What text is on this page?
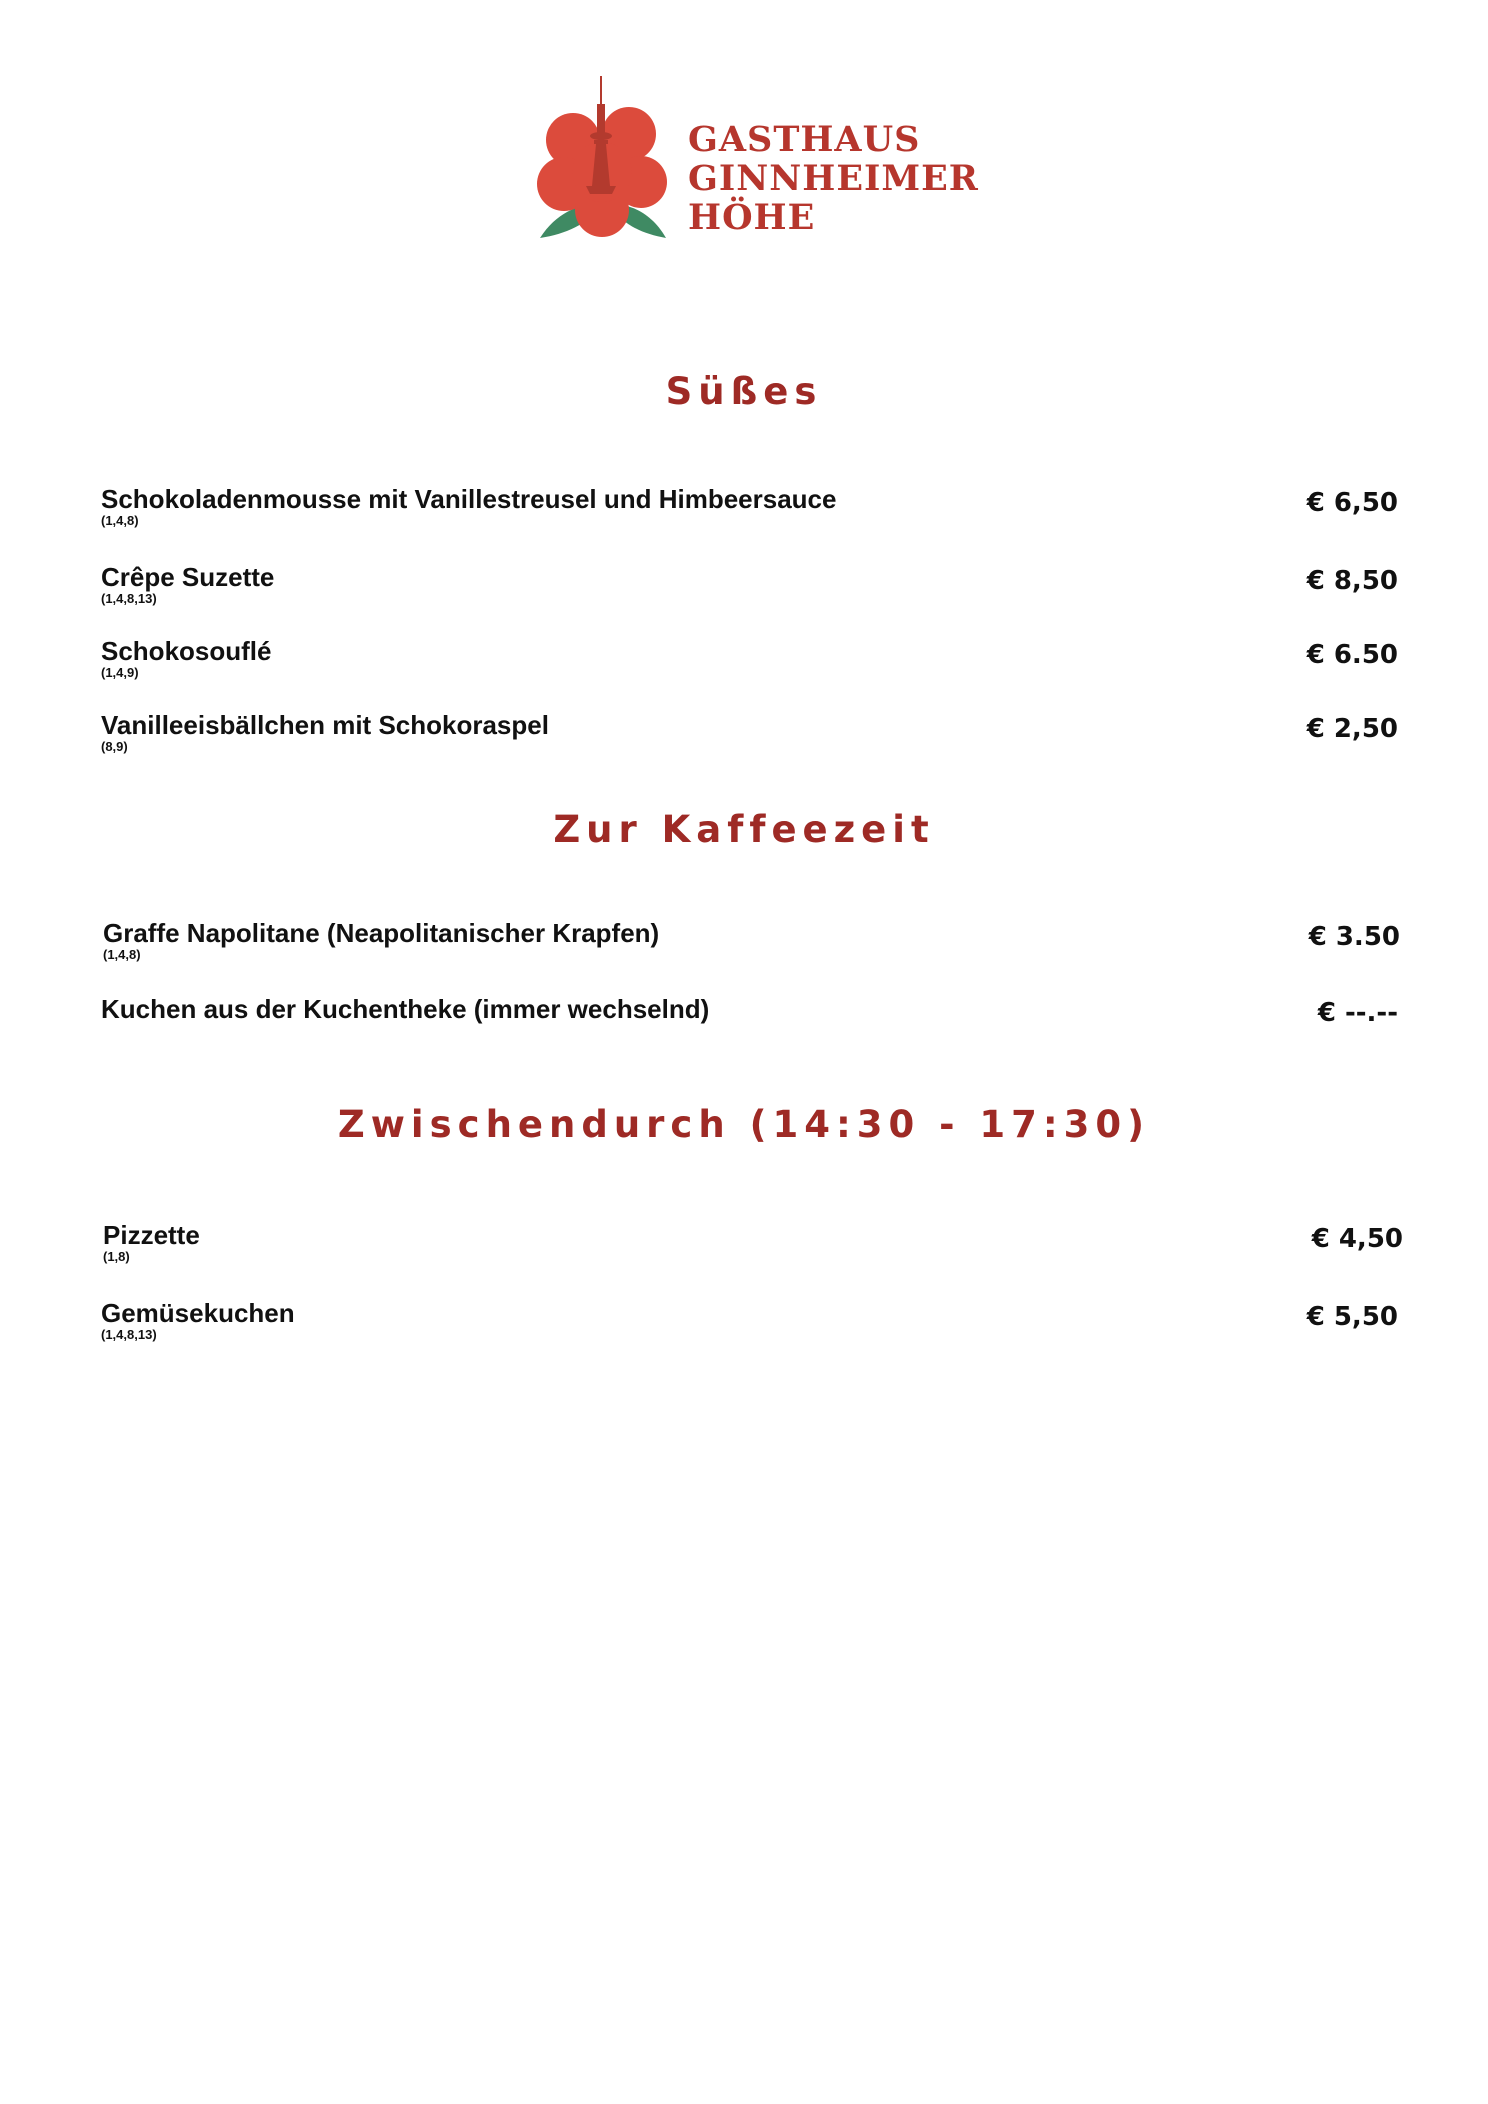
GASTHAUS
GINNHEIMER
HÖHE
Süßes
Schokoladenmousse mit Vanillestreusel und Himbeersauce
(1,4,8)
€ 6,50
Crêpe Suzette
(1,4,8,13)
€ 8,50
Schokosouflé
(1,4,9)
€ 6.50
Vanilleeisbällchen mit Schokoraspel
(8,9)
€ 2,50
Zur Kaffeezeit
Graffe Napolitane (Neapolitanischer Krapfen)
(1,4,8)
€ 3.50
Kuchen aus der Kuchentheke (immer wechselnd)	€ --.--
Zwischendurch (14:30 - 17:30)
Pizzette
(1,8)
€ 4,50
Gemüsekuchen
(1,4,8,13)
€ 5,50
